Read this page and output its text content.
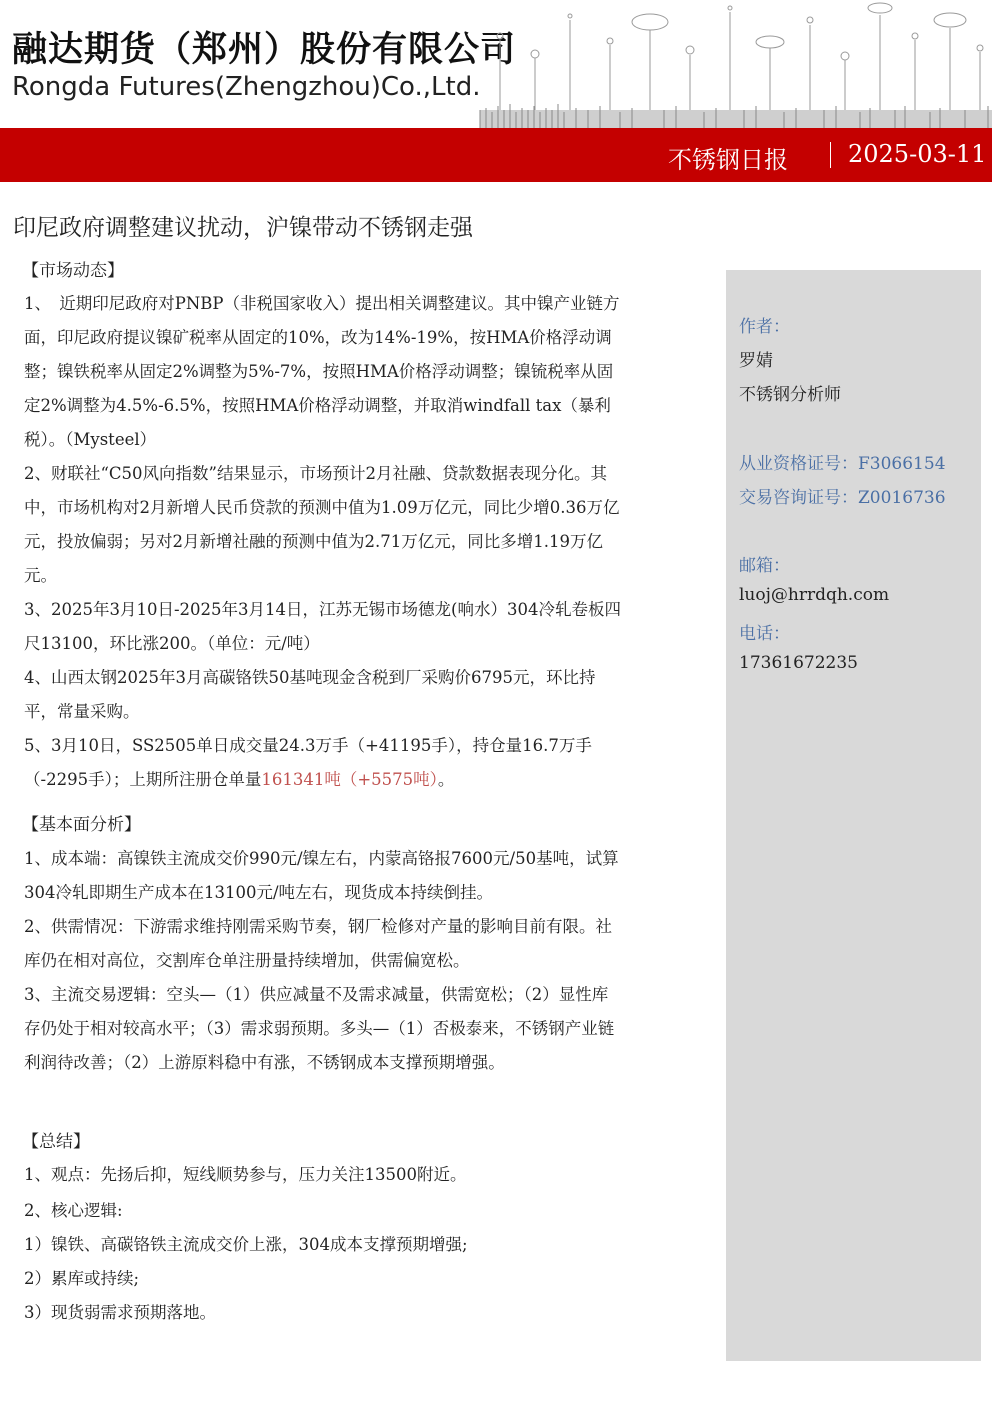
融达期货（郑州）股份有限公司
Rongda Futures(Zhengzhou)Co.,Ltd.
不锈钢日报	2025-03-11
印尼政府调整建议扰动，沪镍带动不锈钢走强
作者：
罗婧
不锈钢分析师
从业资格证号：F3066154
交易咨询证号：Z0016736
邮箱：
luoj@hrrdqh.com
电话：
17361672235
【市场动态】

1、　近期印尼政府对PNBP（非税国家收入）提出相关调整建议。其中镍产业链方面，印尼政府提议镍矿税率从固定的10%，改为14%-19%，按HMA价格浮动调整；镍铁税率从固定2%调整为5%-7%，按照HMA价格浮动调整；镍锍税率从固定2%调整为4.5%-6.5%，按照HMA价格浮动调整，并取消windfall tax（暴利税）。（Mysteel）

2、财联社“C50风向指数”结果显示，市场预计2月社融、贷款数据表现分化。其中，市场机构对2月新增人民币贷款的预测中值为1.09万亿元，同比少增0.36万亿元，投放偏弱；另对2月新增社融的预测中值为2.71万亿元，同比多增1.19万亿元。

3、2025年3月10日-2025年3月14日，江苏无锡市场德龙(响水）304冷轧卷板四尺13100，环比涨200。（单位：元/吨）

4、山西太钢2025年3月高碳铬铁50基吨现金含税到厂采购价6795元，环比持平，常量采购。

5、3月10日，SS2505单日成交量24.3万手（+41195手），持仓量16.7万手（-2295手）；上期所注册仓单量161341吨（+5575吨）。

【基本面分析】

1、成本端：高镍铁主流成交价990元/镍左右，内蒙高铬报7600元/50基吨，试算304冷轧即期生产成本在13100元/吨左右，现货成本持续倒挂。

2、供需情况：下游需求维持刚需采购节奏，钢厂检修对产量的影响目前有限。社库仍在相对高位，交割库仓单注册量持续增加，供需偏宽松。

3、主流交易逻辑：空头—（1）供应减量不及需求减量，供需宽松；（2）显性库存仍处于相对较高水平；（3）需求弱预期。多头—（1）否极泰来，不锈钢产业链利润待改善；（2）上游原料稳中有涨，不锈钢成本支撑预期增强。

【总结】

1、观点：先扬后抑，短线顺势参与，压力关注13500附近。

2、核心逻辑:

1）镍铁、高碳铬铁主流成交价上涨，304成本支撑预期增强;

2）累库或持续;

3）现货弱需求预期落地。
